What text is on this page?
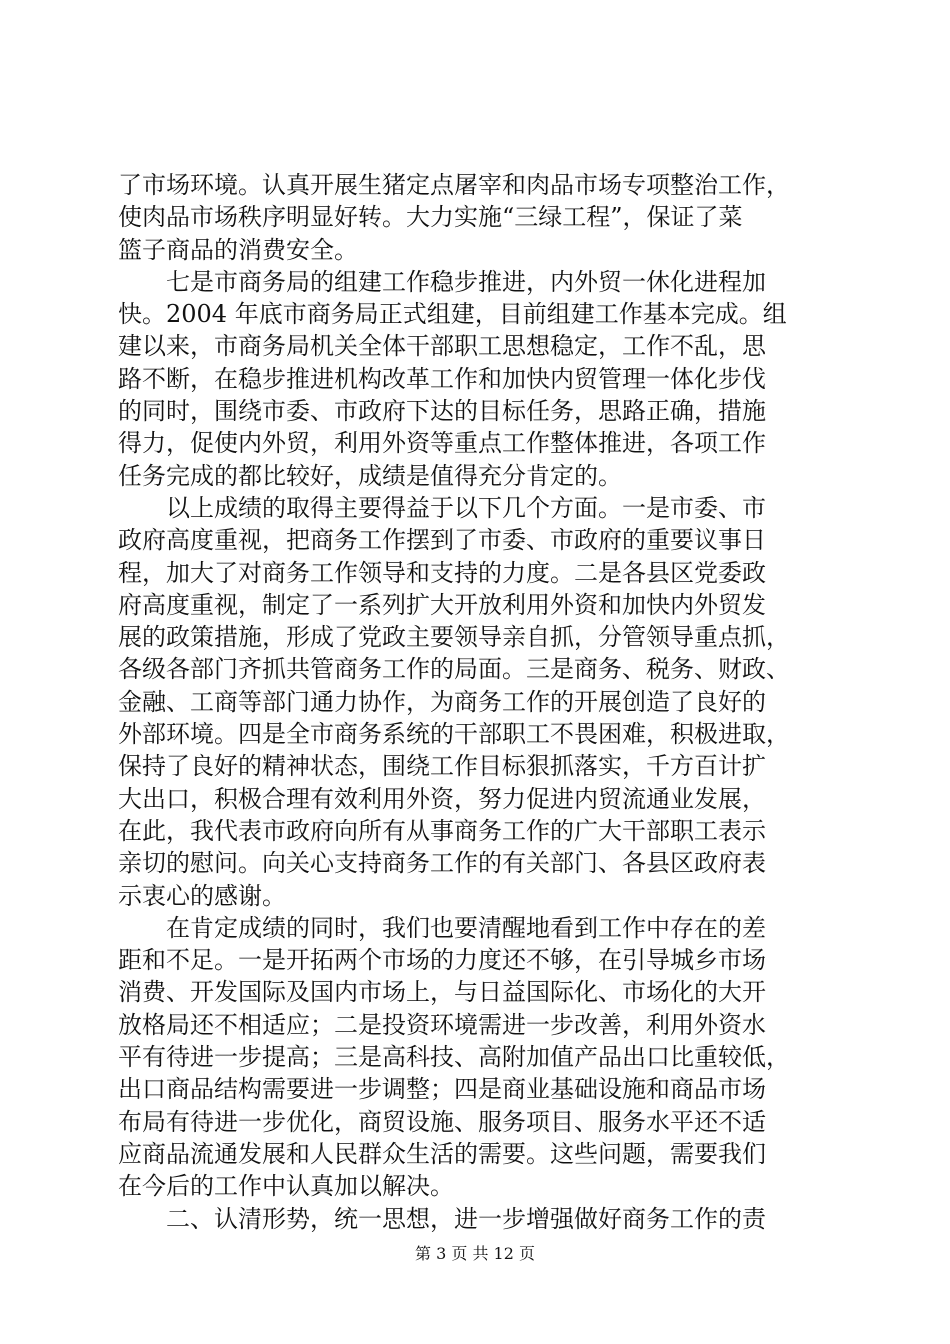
了市场环境。认真开展生猪定点屠宰和肉品市场专项整治工作，
使肉品市场秩序明显好转。大力实施“三绿工程”，保证了菜
篮子商品的消费安全。
七是市商务局的组建工作稳步推进，内外贸一休化进程加
快。2004 年底市商务局正式组建，目前组建工作基本完成。组
建以来，市商务局机关全体干部职工思想稳定，工作不乱，思
路不断，在稳步推进机构改革工作和加快内贸管理一体化步伐
的同时，围绕市委、市政府下达的目标任务，思路正确，措施
得力，促使内外贸，利用外资等重点工作整体推进，各项工作
任务完成的都比较好，成绩是值得充分肯定的。
以上成绩的取得主要得益于以下几个方面。一是市委、市
政府高度重视，把商务工作摆到了市委、市政府的重要议事日
程，加大了对商务工作领导和支持的力度。二是各县区党委政
府高度重视，制定了一系列扩大开放利用外资和加快内外贸发
展的政策措施，形成了党政主要领导亲自抓，分管领导重点抓，
各级各部门齐抓共管商务工作的局面。三是商务、税务、财政、
金融、工商等部门通力协作，为商务工作的开展创造了良好的
外部环境。四是全市商务系统的干部职工不畏困难，积极进取，
保持了良好的精神状态，围绕工作目标狠抓落实，千方百计扩
大出口，积极合理有效利用外资，努力促进内贸流通业发展，
在此，我代表市政府向所有从事商务工作的广大干部职工表示
亲切的慰问。向关心支持商务工作的有关部门、各县区政府表
示衷心的感谢。
在肯定成绩的同时，我们也要清醒地看到工作中存在的差
距和不足。一是开拓两个市场的力度还不够，在引导城乡市场
消费、开发国际及国内市场上，与日益国际化、市场化的大开
放格局还不相适应；二是投资环境需进一步改善，利用外资水
平有待进一步提高；三是高科技、高附加值产品出口比重较低，
出口商品结构需要进一步调整；四是商业基础设施和商品市场
布局有待进一步优化，商贸设施、服务项目、服务水平还不适
应商品流通发展和人民群众生活的需要。这些问题，需要我们
在今后的工作中认真加以解决。
二、认清形势，统一思想，进一步增强做好商务工作的责
第 3 页 共 12 页
